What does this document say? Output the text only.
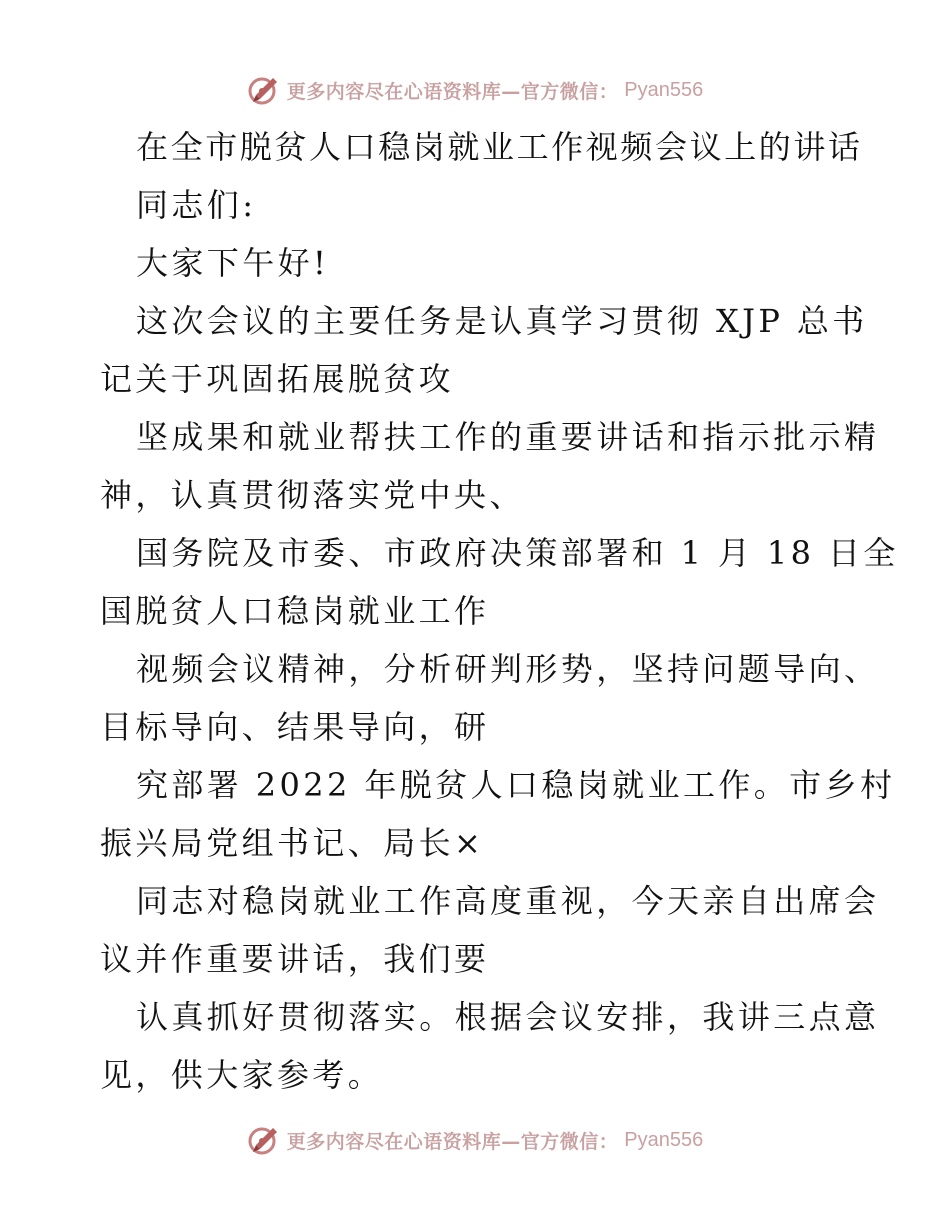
更多内容尽在心语资料库—官方微信： Pyan556
在全市脱贫人口稳岗就业工作视频会议上的讲话
同志们:
大家下午好!
这次会议的主要任务是认真学习贯彻 XJP 总书
记关于巩固拓展脱贫攻
坚成果和就业帮扶工作的重要讲话和指示批示精
神，认真贯彻落实党中央、
国务院及市委、市政府决策部署和 1 月 18 日全
国脱贫人口稳岗就业工作
视频会议精神，分析研判形势，坚持问题导向、
目标导向、结果导向，研
究部署 2022 年脱贫人口稳岗就业工作。市乡村
振兴局党组书记、局长×
同志对稳岗就业工作高度重视，今天亲自出席会
议并作重要讲话，我们要
认真抓好贯彻落实。根据会议安排，我讲三点意
见，供大家参考。
更多内容尽在心语资料库—官方微信： Pyan556
